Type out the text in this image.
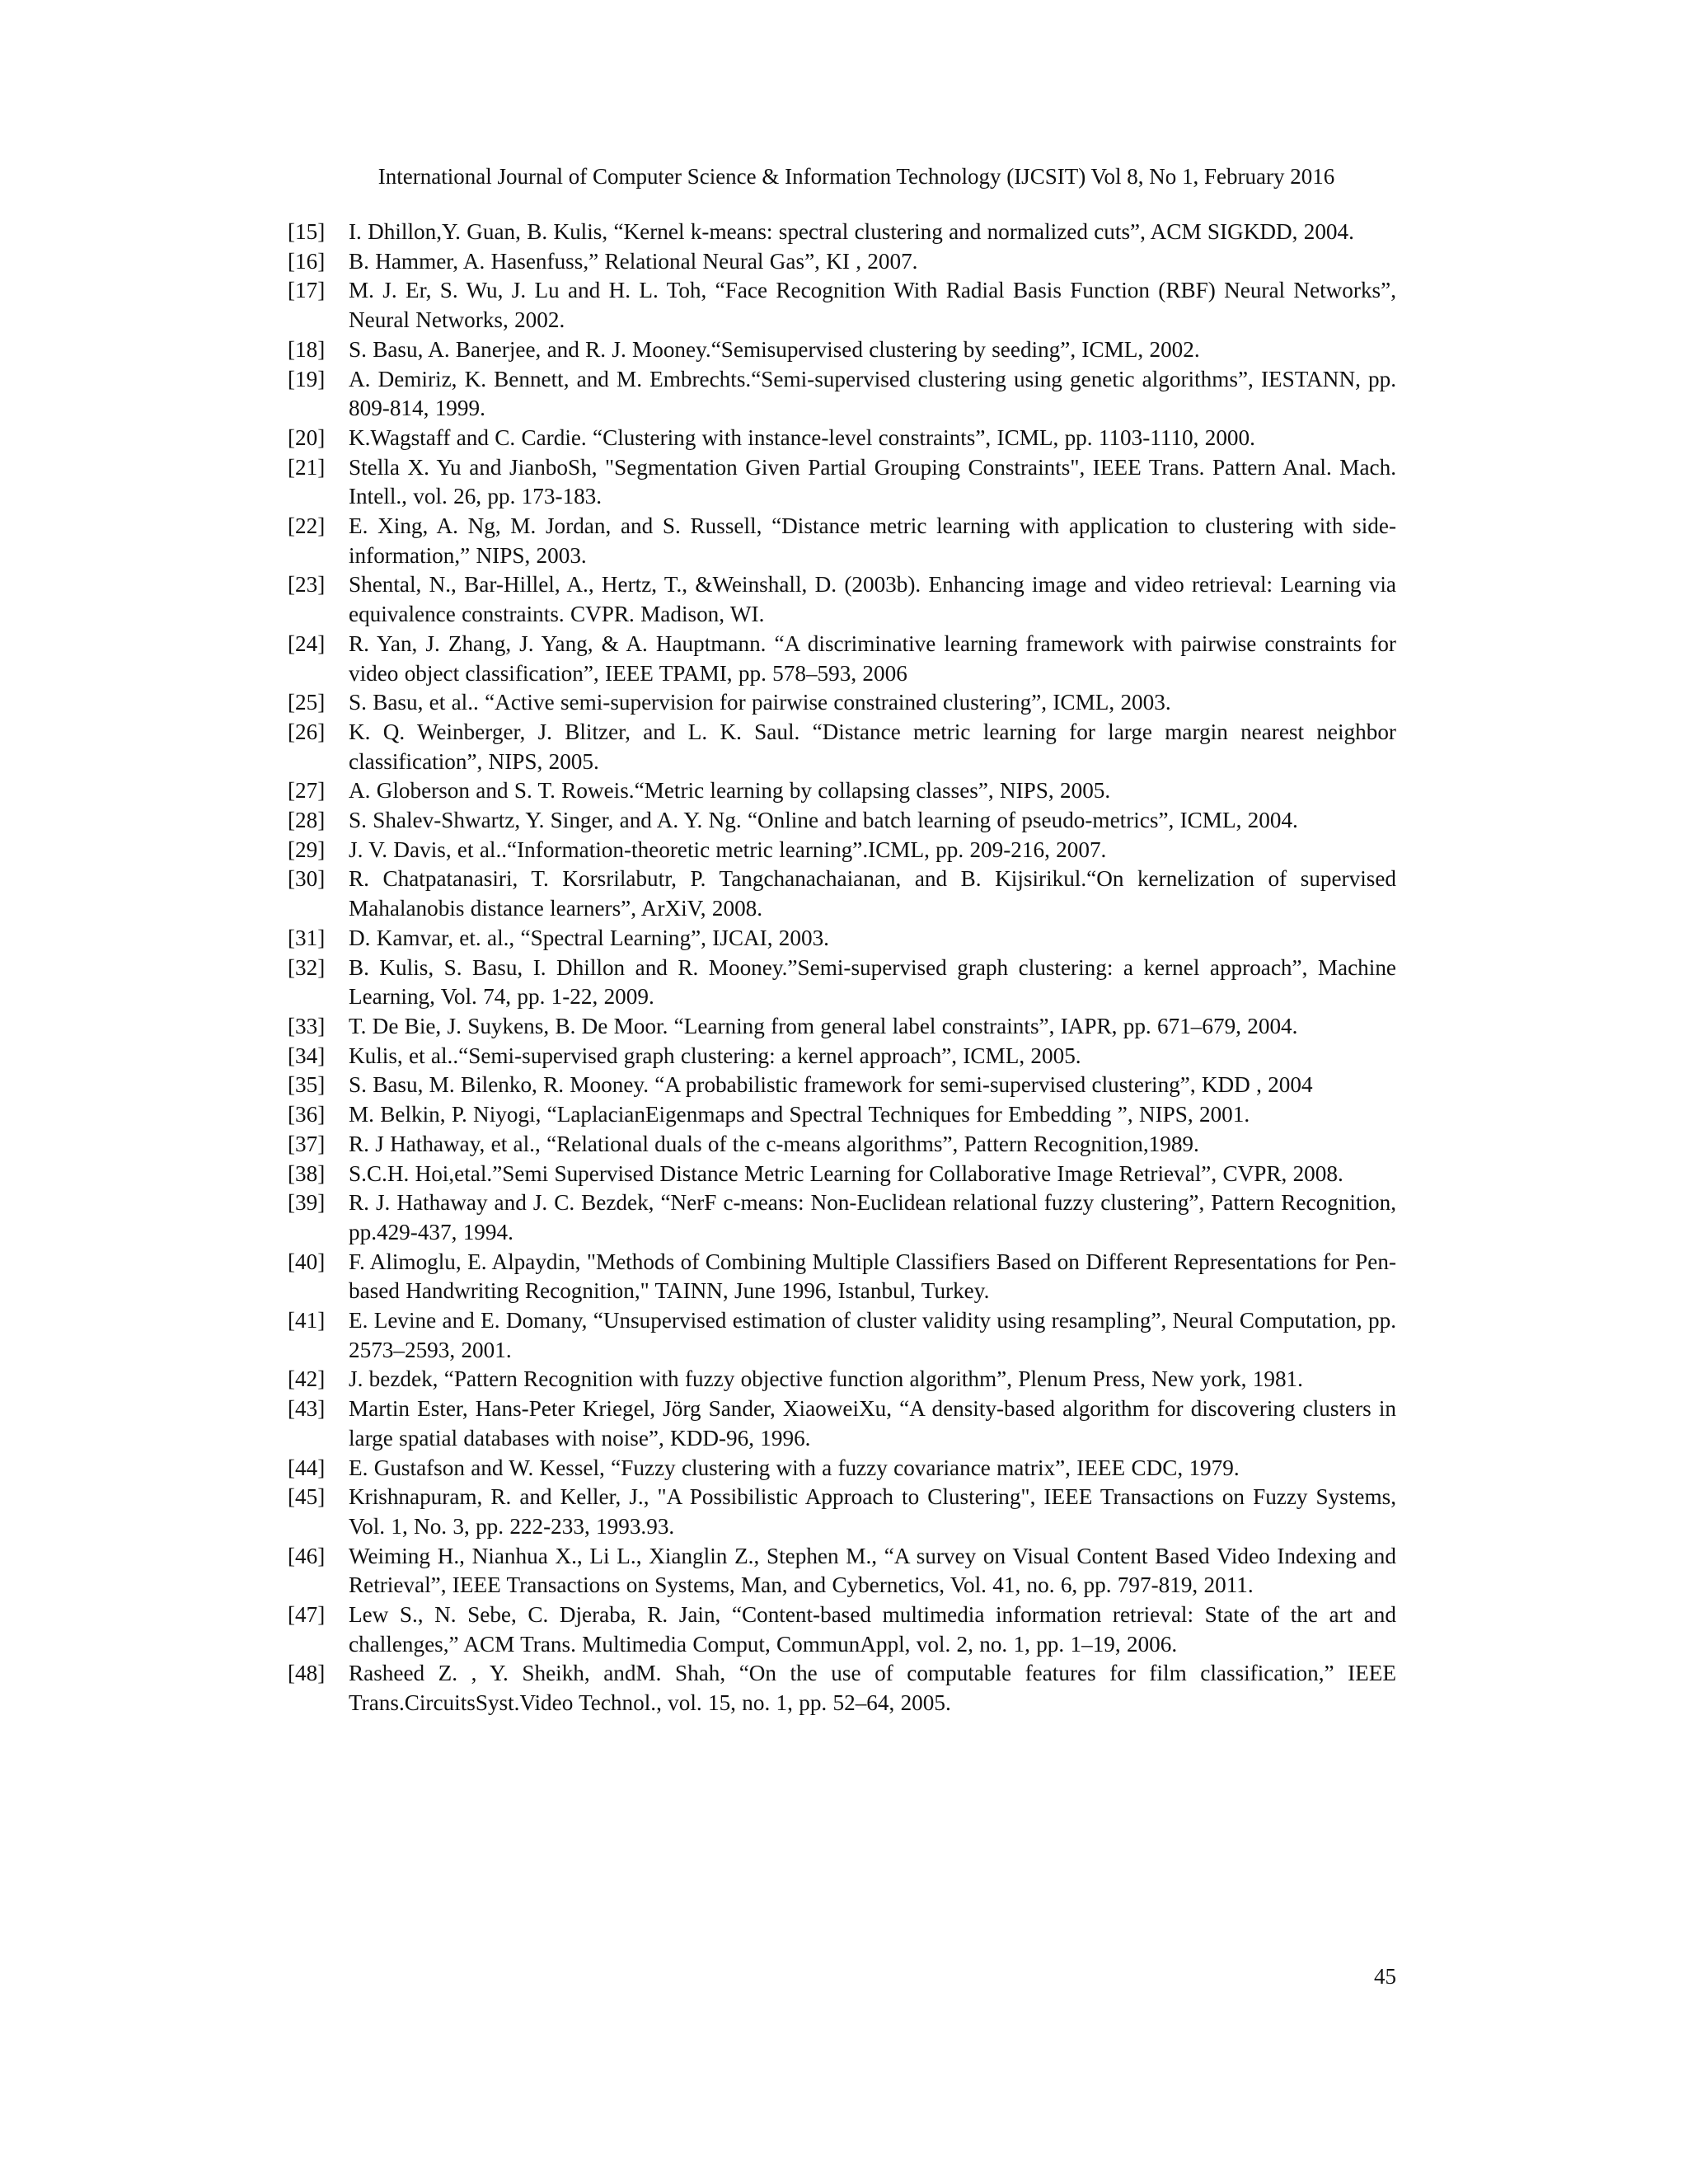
International Journal of Computer Science & Information Technology (IJCSIT) Vol 8, No 1, February 2016
[15]	I. Dhillon,Y. Guan, B. Kulis, “Kernel k-means: spectral clustering and normalized cuts”, ACM SIGKDD, 2004.
[16]	B. Hammer, A. Hasenfuss,” Relational Neural Gas”, KI , 2007.
[17]	M. J. Er, S. Wu, J. Lu and H. L. Toh, “Face Recognition With Radial Basis Function (RBF) Neural Networks”, Neural Networks, 2002.
[18]	S. Basu, A. Banerjee, and R. J. Mooney.“Semisupervised clustering by seeding”, ICML, 2002.
[19]	A. Demiriz, K. Bennett, and M. Embrechts.“Semi-supervised clustering using genetic algorithms”, IESTANN, pp. 809-814, 1999.
[20]	K.Wagstaff and C. Cardie. “Clustering with instance-level constraints”, ICML, pp. 1103-1110, 2000.
[21]	Stella X. Yu and JianboSh, "Segmentation Given Partial Grouping Constraints", IEEE Trans. Pattern Anal. Mach. Intell., vol. 26, pp. 173-183.
[22]	E. Xing, A. Ng, M. Jordan, and S. Russell, “Distance metric learning with application to clustering with side-information,” NIPS, 2003.
[23]	Shental, N., Bar-Hillel, A., Hertz, T., &Weinshall, D. (2003b). Enhancing image and video retrieval: Learning via equivalence constraints. CVPR. Madison, WI.
[24]	R. Yan, J. Zhang, J. Yang, & A. Hauptmann. “A discriminative learning framework with pairwise constraints for video object classification”, IEEE TPAMI, pp. 578–593, 2006
[25]	S. Basu, et al.. “Active semi-supervision for pairwise constrained clustering”, ICML, 2003.
[26]	K. Q. Weinberger, J. Blitzer, and L. K. Saul. “Distance metric learning for large margin nearest neighbor classification”, NIPS, 2005.
[27]	A. Globerson and S. T. Roweis.“Metric learning by collapsing classes”, NIPS, 2005.
[28]	S. Shalev-Shwartz, Y. Singer, and A. Y. Ng. “Online and batch learning of pseudo-metrics”, ICML, 2004.
[29]	J. V. Davis, et al..“Information-theoretic metric learning”.ICML, pp. 209-216, 2007.
[30]	R. Chatpatanasiri, T. Korsrilabutr, P. Tangchanachaianan, and B. Kijsirikul.“On kernelization of supervised Mahalanobis distance learners”, ArXiV, 2008.
[31]	D. Kamvar, et. al., “Spectral Learning”, IJCAI, 2003.
[32]	B. Kulis, S. Basu, I. Dhillon and R. Mooney.”Semi-supervised graph clustering: a kernel approach”, Machine Learning, Vol. 74, pp. 1-22, 2009.
[33]	T. De Bie, J. Suykens, B. De Moor. “Learning from general label constraints”, IAPR, pp. 671–679, 2004.
[34]	Kulis, et al..“Semi-supervised graph clustering: a kernel approach”, ICML, 2005.
[35]	S. Basu, M. Bilenko, R. Mooney. “A probabilistic framework for semi-supervised clustering”, KDD , 2004
[36]	M. Belkin, P. Niyogi, “LaplacianEigenmaps and Spectral Techniques for Embedding ”, NIPS, 2001.
[37]	R. J Hathaway, et al., “Relational duals of the c-means algorithms”, Pattern Recognition,1989.
[38]	S.C.H. Hoi,etal.”Semi Supervised Distance Metric Learning for Collaborative Image Retrieval”, CVPR, 2008.
[39]	R. J. Hathaway and J. C. Bezdek, “NerF c-means: Non-Euclidean relational fuzzy clustering”, Pattern Recognition, pp.429-437, 1994.
[40]	F. Alimoglu, E. Alpaydin, "Methods of Combining Multiple Classifiers Based on Different Representations for Pen-based Handwriting Recognition," TAINN, June 1996, Istanbul, Turkey.
[41]	E. Levine and E. Domany, “Unsupervised estimation of cluster validity using resampling”, Neural Computation, pp. 2573–2593, 2001.
[42]	J. bezdek, “Pattern Recognition with fuzzy objective function algorithm”, Plenum Press, New york, 1981.
[43]	Martin Ester, Hans-Peter Kriegel, Jörg Sander, XiaoweiXu, “A density-based algorithm for discovering clusters in large spatial databases with noise”, KDD-96, 1996.
[44]	E. Gustafson and W. Kessel, “Fuzzy clustering with a fuzzy covariance matrix”, IEEE CDC, 1979.
[45]	Krishnapuram, R. and Keller, J., "A Possibilistic Approach to Clustering", IEEE Transactions on Fuzzy Systems, Vol. 1, No. 3, pp. 222-233, 1993.93.
[46]	Weiming H., Nianhua X., Li L., Xianglin Z., Stephen M., “A survey on Visual Content Based Video Indexing and Retrieval”, IEEE Transactions on Systems, Man, and Cybernetics, Vol. 41, no. 6, pp. 797-819, 2011.
[47]	Lew S., N. Sebe, C. Djeraba, R. Jain, “Content-based multimedia information retrieval: State of the art and challenges,” ACM Trans. Multimedia Comput, CommunAppl, vol. 2, no. 1, pp. 1–19, 2006.
[48]	Rasheed Z. , Y. Sheikh, andM. Shah, “On the use of computable features for film classification,” IEEE Trans.CircuitsSyst.Video Technol., vol. 15, no. 1, pp. 52–64, 2005.
45
